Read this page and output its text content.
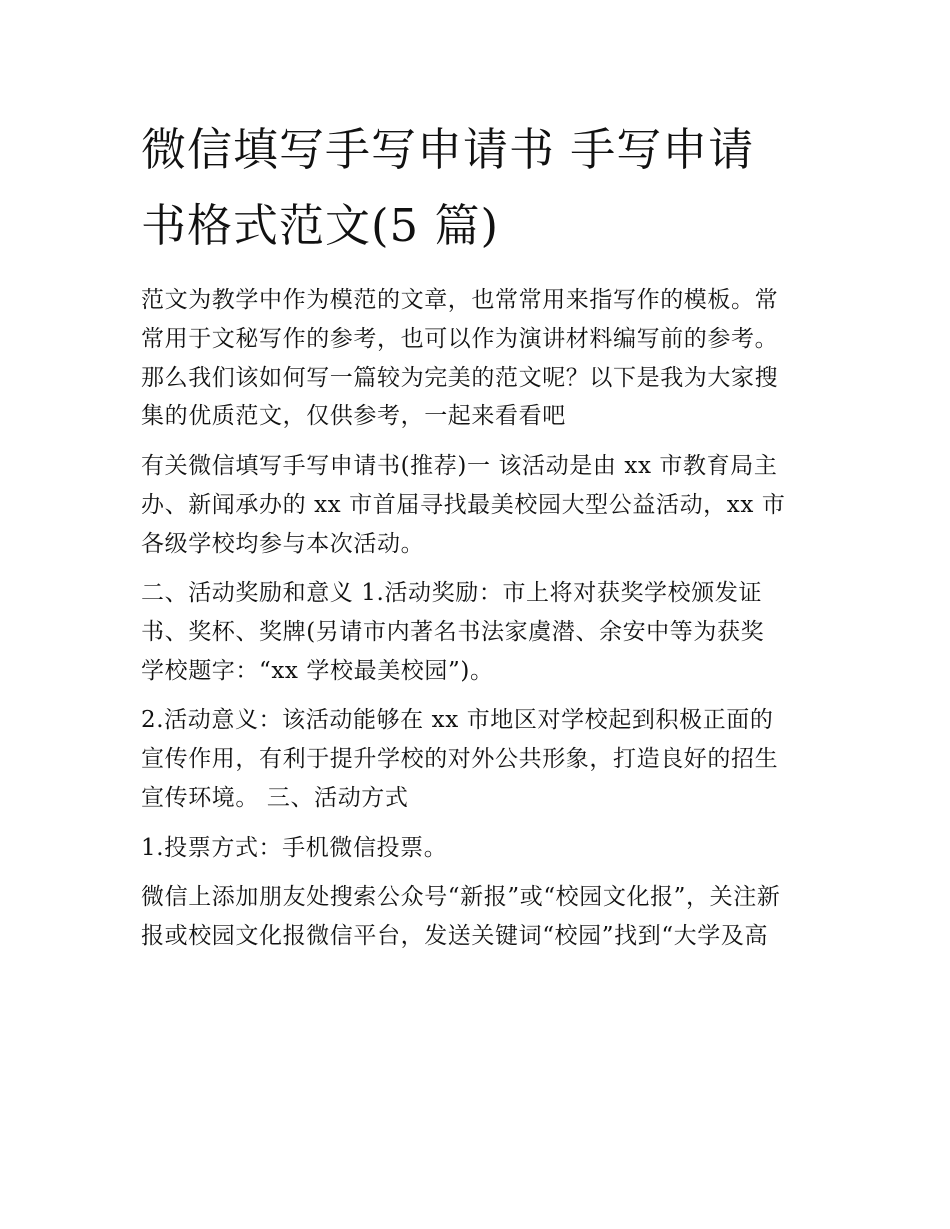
微信填写手写申请书 手写申请
书格式范文(5 篇)
范文为教学中作为模范的文章，也常常用来指写作的模板。常
常用于文秘写作的参考，也可以作为演讲材料编写前的参考。
那么我们该如何写一篇较为完美的范文呢？以下是我为大家搜
集的优质范文，仅供参考，一起来看看吧
有关微信填写手写申请书(推荐)一 该活动是由 xx 市教育局主
办、新闻承办的 xx 市首届寻找最美校园大型公益活动，xx 市
各级学校均参与本次活动。
二、活动奖励和意义 1.活动奖励：市上将对获奖学校颁发证
书、奖杯、奖牌(另请市内著名书法家虞潜、余安中等为获奖
学校题字：“xx 学校最美校园”)。
2.活动意义：该活动能够在 xx 市地区对学校起到积极正面的
宣传作用，有利于提升学校的对外公共形象，打造良好的招生
宣传环境。 三、活动方式
1.投票方式：手机微信投票。
微信上添加朋友处搜索公众号“新报”或“校园文化报”，关注新
报或校园文化报微信平台，发送关键词“校园”找到“大学及高
